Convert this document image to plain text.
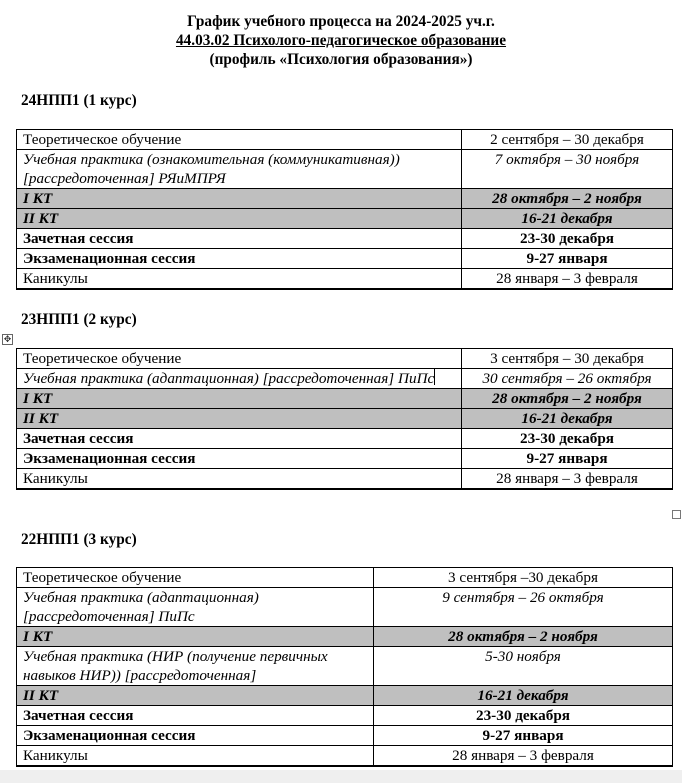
График учебного процесса на 2024-2025 уч.г.
44.03.02 Психолого-педагогическое образование
(профиль «Психология образования»)
24НПП1 (1 курс)
Теоретическое обучение	2 сентября – 30 декабря
Учебная практика (ознакомительная (коммуникативная)) [рассредоточенная] РЯиМПРЯ	7 октября – 30 ноября
I КТ	28 октября – 2 ноября
II КТ	16-21 декабря
Зачетная сессия	23-30 декабря
Экзаменационная сессия	9-27 января
Каникулы	28 января – 3 февраля
23НПП1 (2 курс)
✥
Теоретическое обучение	3 сентября – 30 декабря
Учебная практика (адаптационная) [рассредоточенная] ПиПс	30 сентября – 26 октября
I КТ	28 октября – 2 ноября
II КТ	16-21 декабря
Зачетная сессия	23-30 декабря
Экзаменационная сессия	9-27 января
Каникулы	28 января – 3 февраля
22НПП1 (3 курс)
Теоретическое обучение	3 сентября –30 декабря
Учебная практика (адаптационная) [рассредоточенная] ПиПс	9 сентября – 26 октября
I КТ	28 октября – 2 ноября
Учебная практика (НИР (получение первичных навыков НИР)) [рассредоточенная]	5-30 ноября
II КТ	16-21 декабря
Зачетная сессия	23-30 декабря
Экзаменационная сессия	9-27 января
Каникулы	28 января – 3 февраля
